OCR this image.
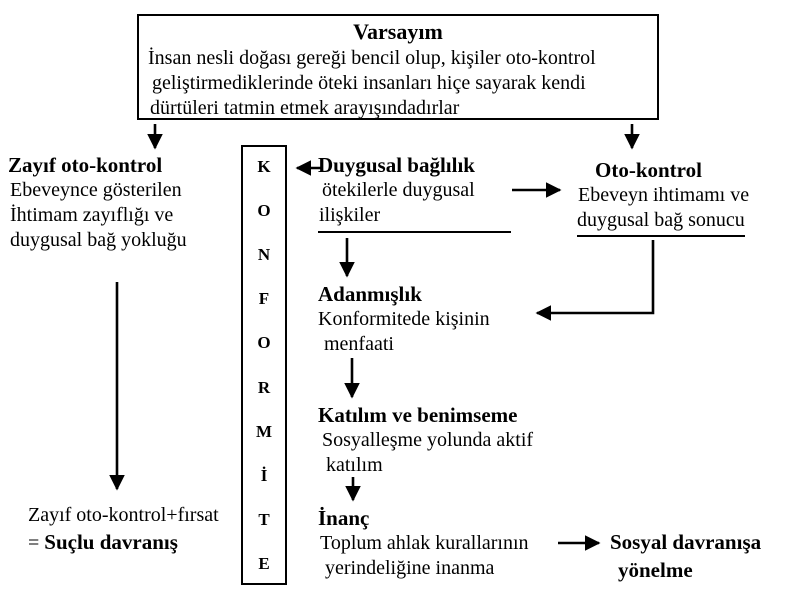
Varsayım
İnsan nesli doğası gereği bencil olup, kişiler oto-kontrol
geliştirmediklerinde öteki insanları hiçe sayarak kendi
dürtüleri tatmin etmek arayışındadırlar
Zayıf oto-kontrol
Ebeveynce gösterilen
İhtimam zayıflığı ve
duygusal bağ yokluğu
K
O
N
F
O
R
M
İ
T
E
Duygusal bağlılık
ötekilerle duygusal
ilişkiler
Oto-kontrol
Ebeveyn ihtimamı ve
duygusal bağ sonucu
Adanmışlık
Konformitede kişinin
menfaati
Katılım ve benimseme
Sosyalleşme yolunda aktif
katılım
İnanç
Toplum ahlak kurallarının
yerindeliğine inanma
Sosyal davranışa
yönelme
Zayıf oto-kontrol+fırsat
= Suçlu davranış
